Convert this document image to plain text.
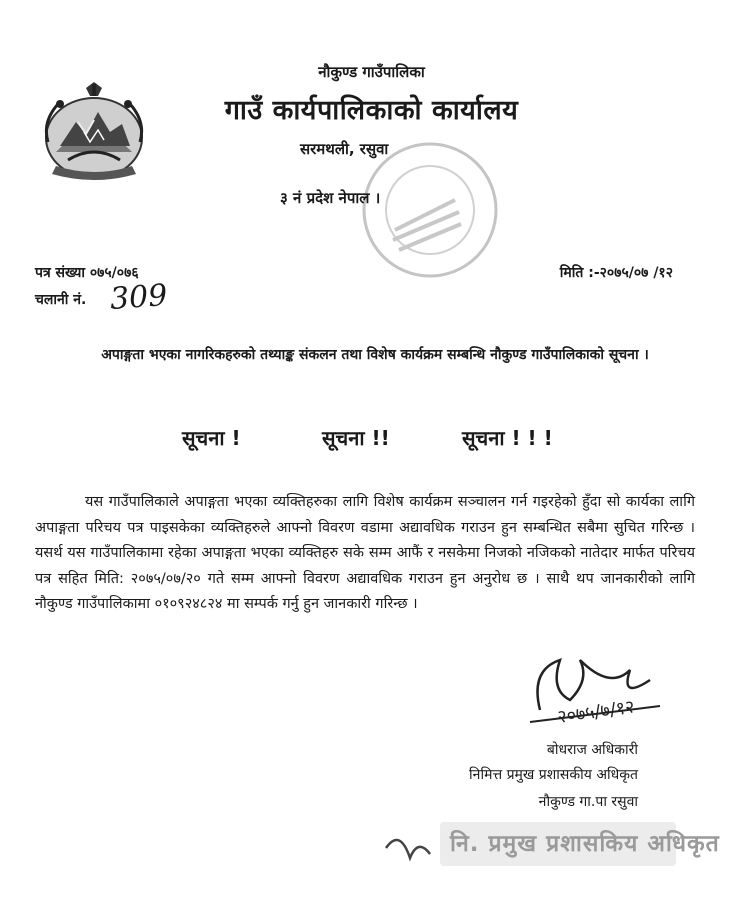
नौकुण्ड गाउँपालिका
गाउँ कार्यपालिकाको कार्यालय
सरमथली, रसुवा
३ नं प्रदेश नेपाल ।
पत्र संख्या ०७५/०७६	मिति :-२०७५/०७ /१२
चलानी नं. 309
अपाङ्गता भएका नागरिकहरुको तथ्याङ्क संकलन तथा विशेष कार्यक्रम सम्बन्धि नौकुण्ड गाउँपालिकाको सूचना ।
सूचना !	सूचना !!	सूचना ! ! !
यस गाउँपालिकाले अपाङ्गता भएका व्यक्तिहरुका लागि विशेष कार्यक्रम सञ्चालन गर्न गइरहेको हुँदा सो कार्यका लागि अपाङ्गता परिचय पत्र पाइसकेका व्यक्तिहरुले आफ्नो विवरण वडामा अद्यावधिक गराउन हुन सम्बन्धित सबैमा सुचित गरिन्छ । यसर्थ यस गाउँपालिकामा रहेका अपाङ्गता भएका व्यक्तिहरु सके सम्म आफैं र नसकेमा निजको नजिकको नातेदार मार्फत परिचय पत्र सहित मिति: २०७५/०७/२० गते सम्म आफ्नो विवरण अद्यावधिक गराउन हुन अनुरोध छ । साथै थप जानकारीको लागि नौकुण्ड गाउँपालिकामा ०१०९२४८२४ मा सम्पर्क गर्नु हुन जानकारी गरिन्छ ।
२०७५/७/१२
बोधराज अधिकारी
निमित्त प्रमुख प्रशासकीय अधिकृत
नौकुण्ड गा.पा रसुवा
नि. प्रमुख प्रशासकिय अधिकृत
